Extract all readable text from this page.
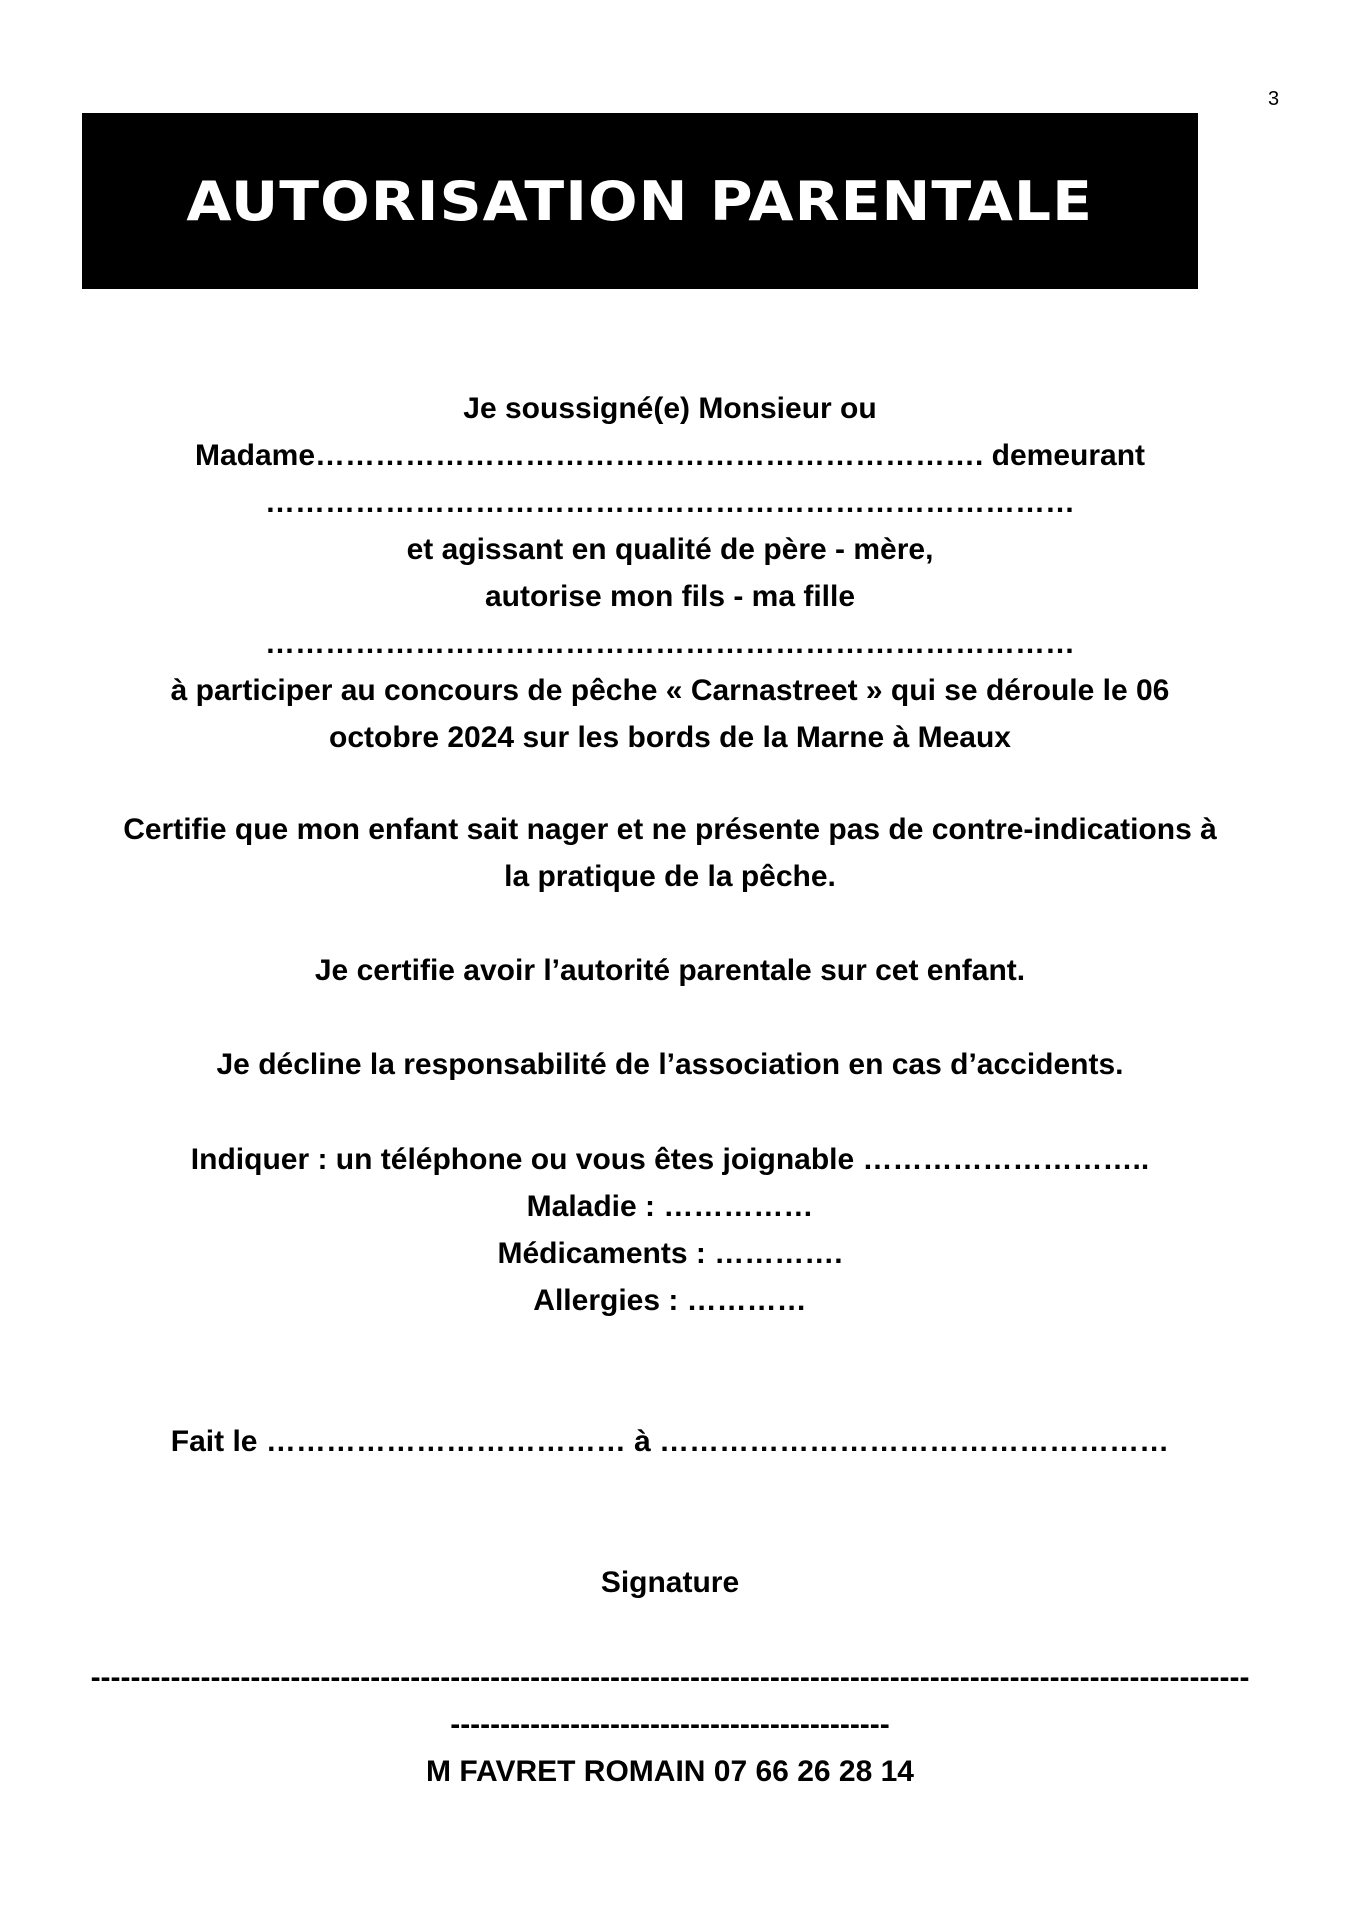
3
AUTORISATION PARENTALE
Je soussigné(e) Monsieur ou
Madame…………………………………………………………. demeurant
………………………………………………………………………
et agissant en qualité de père - mère,
autorise mon fils - ma fille
………………………………………………………………………
à participer au concours de pêche « Carnastreet » qui se déroule le 06
octobre 2024 sur les bords de la Marne à Meaux
Certifie que mon enfant sait nager et ne présente pas de contre-indications à
la pratique de la pêche.
Je certifie avoir l’autorité parentale sur cet enfant.
Je décline la responsabilité de l’association en cas d’accidents.
Indiquer : un téléphone ou vous êtes joignable ………………………..
Maladie : ……………
Médicaments : ………….
Allergies : …………
Fait le ……………………………… à ……………………………………………
Signature
--------------------------------------------------------------------------------------------------------------------
--------------------------------------------
M FAVRET ROMAIN 07 66 26 28 14
